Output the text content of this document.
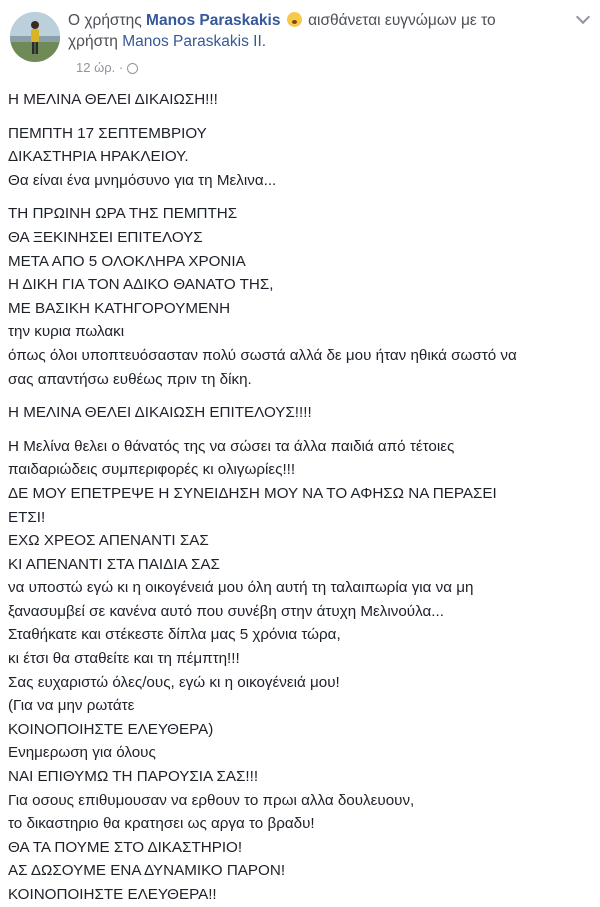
Ο χρήστης Manos Paraskakis αισθάνεται ευγνώμων με το
χρήστη Manos Paraskakis II.
12 ώρ. ·

Η ΜΕΛΙΝΑ ΘΕΛΕΙ ΔΙΚΑΙΩΣΗ!!!

ΠΕΜΠΤΗ 17 ΣΕΠΤΕΜΒΡΙΟΥ

ΔΙΚΑΣΤΗΡΙΑ ΗΡΑΚΛΕΙΟΥ.

Θα είναι ένα μνημόσυνο για τη Μελινα...

ΤΗ ΠΡΩΙΝΗ ΩΡΑ ΤΗΣ ΠΕΜΠΤΗΣ

ΘΑ ΞΕΚΙΝΗΣΕΙ ΕΠΙΤΕΛΟΥΣ

ΜΕΤΑ ΑΠΟ 5 ΟΛΟΚΛΗΡΑ ΧΡΟΝΙΑ

Η ΔΙΚΗ ΓΙΑ ΤΟΝ ΑΔΙΚΟ ΘΑΝΑΤΟ ΤΗΣ,

ΜΕ ΒΑΣΙΚΗ ΚΑΤΗΓΟΡΟΥΜΕΝΗ

την κυρια πωλακι

όπως όλοι υποπτευόσασταν πολύ σωστά αλλά δε μου ήταν ηθικά σωστό να

σας απαντήσω ευθέως πριν τη δίκη.

Η ΜΕΛΙΝΑ ΘΕΛΕΙ ΔΙΚΑΙΩΣΗ ΕΠΙΤΕΛΟΥΣ!!!!

Η Μελίνα θελει ο θάνατός της να σώσει τα άλλα παιδιά από τέτοιες

παιδαριώδεις συμπεριφορές κι ολιγωρίες!!!

ΔΕ ΜΟΥ ΕΠΕΤΡΕΨΕ Η ΣΥΝΕΙΔΗΣΗ ΜΟΥ ΝΑ ΤΟ ΑΦΗΣΩ ΝΑ ΠΕΡΑΣΕΙ

ΕΤΣΙ!

ΕΧΩ ΧΡΕΟΣ ΑΠΕΝΑΝΤΙ ΣΑΣ

ΚΙ ΑΠΕΝΑΝΤΙ ΣΤΑ ΠΑΙΔΙΑ ΣΑΣ

να υποστώ εγώ κι η οικογένειά μου όλη αυτή τη ταλαιπωρία για να μη

ξανασυμβεί σε κανένα αυτό που συνέβη στην άτυχη Μελινούλα...

Σταθήκατε και στέκεστε δίπλα μας 5 χρόνια τώρα,

κι έτσι θα σταθείτε και τη πέμπτη!!!

Σας ευχαριστώ όλες/ους, εγώ κι η οικογένειά μου!

(Για να μην ρωτάτε

ΚΟΙΝΟΠΟΙΗΣΤΕ ΕΛΕΥΘΕΡΑ)

Ενημερωση για όλους

ΝΑΙ ΕΠΙΘΥΜΩ ΤΗ ΠΑΡΟΥΣΙΑ ΣΑΣ!!!

Για οσους επιθυμουσαν να ερθουν το πρωι αλλα δουλευουν,

το δικαστηριο θα κρατησει ως αργα το βραδυ!

ΘΑ ΤΑ ΠΟΥΜΕ ΣΤΟ ΔΙΚΑΣΤΗΡΙΟ!

ΑΣ ΔΩΣΟΥΜΕ ΕΝΑ ΔΥΝΑΜΙΚΟ ΠΑΡΟΝ!

ΚΟΙΝΟΠΟΙΗΣΤΕ ΕΛΕΥΘΕΡΑ!!
